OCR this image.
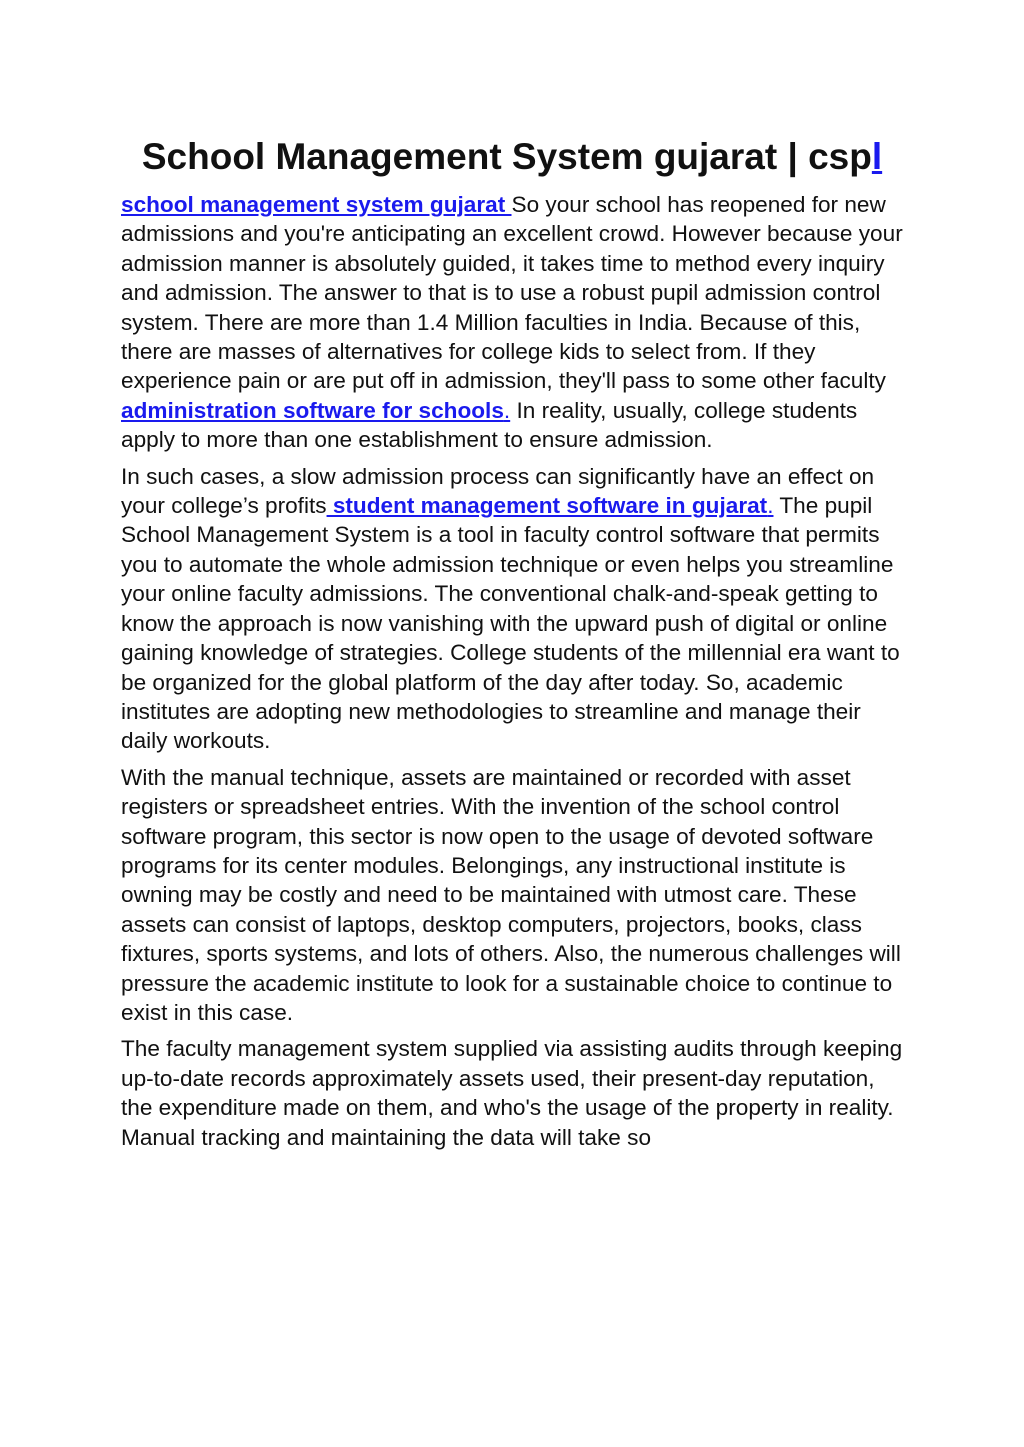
School Management System gujarat | cspl

school management system gujarat So your school has reopened for new admissions and you're anticipating an excellent crowd. However because your admission manner is absolutely guided, it takes time to method every inquiry and admission. The answer to that is to use a robust pupil admission control system. There are more than 1.4 Million faculties in India. Because of this, there are masses of alternatives for college kids to select from. If they experience pain or are put off in admission, they'll pass to some other faculty administration software for schools. In reality, usually, college students apply to more than one establishment to ensure admission.

In such cases, a slow admission process can significantly have an effect on your college’s profits student management software in gujarat. The pupil School Management System is a tool in faculty control software that permits you to automate the whole admission technique or even helps you streamline your online faculty admissions. The conventional chalk-and-speak getting to know the approach is now vanishing with the upward push of digital or online gaining knowledge of strategies. College students of the millennial era want to be organized for the global platform of the day after today. So, academic institutes are adopting new methodologies to streamline and manage their daily workouts.

With the manual technique, assets are maintained or recorded with asset registers or spreadsheet entries. With the invention of the school control software program, this sector is now open to the usage of devoted software programs for its center modules. Belongings, any instructional institute is owning may be costly and need to be maintained with utmost care. These assets can consist of laptops, desktop computers, projectors, books, class fixtures, sports systems, and lots of others. Also, the numerous challenges will pressure the academic institute to look for a sustainable choice to continue to exist in this case.

The faculty management system supplied via assisting audits through keeping up-to-date records approximately assets used, their present-day reputation, the expenditure made on them, and who's the usage of the property in reality. Manual tracking and maintaining the data will take so
